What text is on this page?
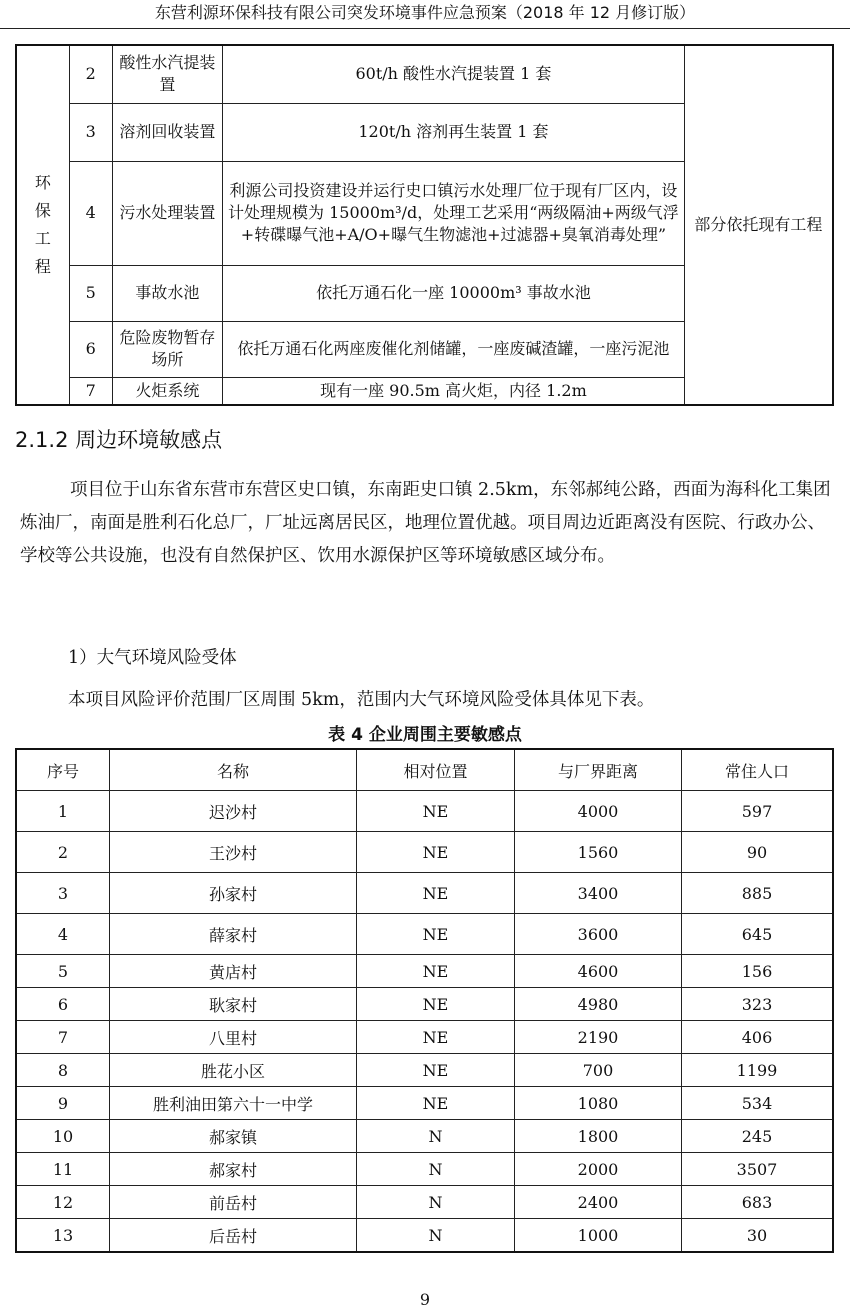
东营利源环保科技有限公司突发环境事件应急预案（2018 年 12 月修订版）
环保工程	2	酸性水汽提装置	60t/h 酸性水汽提装置 1 套	部分依托现有工程
	3	溶剂回收装置	120t/h 溶剂再生装置 1 套	
	4	污水处理装置	利源公司投资建设并运行史口镇污水处理厂位于现有厂区内，设计处理规模为 15000m³/d，处理工艺采用“两级隔油+两级气浮+转碟曝气池+A/O+曝气生物滤池+过滤器+臭氧消毒处理”	
	5	事故水池	依托万通石化一座 10000m³ 事故水池	
	6	危险废物暂存场所	依托万通石化两座废催化剂储罐，一座废碱渣罐，一座污泥池	
	7	火炬系统	现有一座 90.5m 高火炬，内径 1.2m	
2.1.2 周边环境敏感点

项目位于山东省东营市东营区史口镇，东南距史口镇 2.5km，东邻郝纯公路，西面为海科化工集团炼油厂，南面是胜利石化总厂，厂址远离居民区，地理位置优越。项目周边近距离没有医院、行政办公、学校等公共设施，也没有自然保护区、饮用水源保护区等环境敏感区域分布。

1）大气环境风险受体

本项目风险评价范围厂区周围 5km，范围内大气环境风险受体具体见下表。

表 4 企业周围主要敏感点
序号	名称	相对位置	与厂界距离	常住人口
1	迟沙村	NE	4000	597
2	王沙村	NE	1560	90
3	孙家村	NE	3400	885
4	薛家村	NE	3600	645
5	黄店村	NE	4600	156
6	耿家村	NE	4980	323
7	八里村	NE	2190	406
8	胜花小区	NE	700	1199
9	胜利油田第六十一中学	NE	1080	534
10	郝家镇	N	1800	245
11	郝家村	N	2000	3507
12	前岳村	N	2400	683
13	后岳村	N	1000	30
9
